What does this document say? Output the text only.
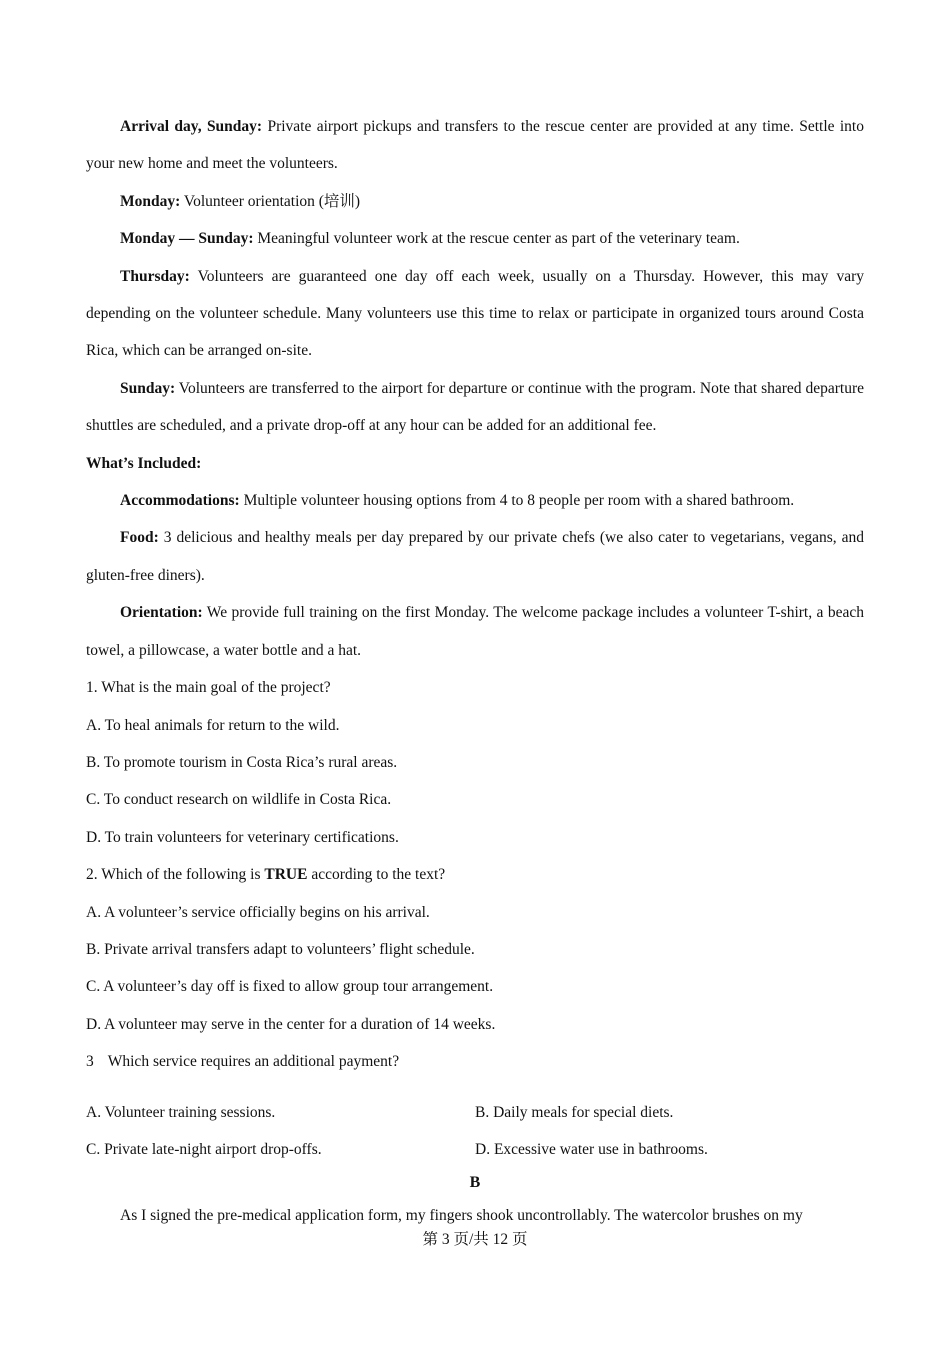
Arrival day, Sunday: Private airport pickups and transfers to the rescue center are provided at any time. Settle into your new home and meet the volunteers.

Monday: Volunteer orientation (培训)

Monday — Sunday: Meaningful volunteer work at the rescue center as part of the veterinary team.

Thursday: Volunteers are guaranteed one day off each week, usually on a Thursday. However, this may vary depending on the volunteer schedule. Many volunteers use this time to relax or participate in organized tours around Costa Rica, which can be arranged on-site.

Sunday: Volunteers are transferred to the airport for departure or continue with the program. Note that shared departure shuttles are scheduled, and a private drop-off at any hour can be added for an additional fee.

What’s Included:

Accommodations: Multiple volunteer housing options from 4 to 8 people per room with a shared bathroom.

Food: 3 delicious and healthy meals per day prepared by our private chefs (we also cater to vegetarians, vegans, and gluten-free diners).

Orientation: We provide full training on the first Monday. The welcome package includes a volunteer T-shirt, a beach towel, a pillowcase, a water bottle and a hat.

1. What is the main goal of the project?

A. To heal animals for return to the wild.

B. To promote tourism in Costa Rica’s rural areas.

C. To conduct research on wildlife in Costa Rica.

D. To train volunteers for veterinary certifications.

2. Which of the following is TRUE according to the text?

A. A volunteer’s service officially begins on his arrival.

B. Private arrival transfers adapt to volunteers’ flight schedule.

C. A volunteer’s day off is fixed to allow group tour arrangement.

D. A volunteer may serve in the center for a duration of 14 weeks.

3 Which service requires an additional payment?

A. Volunteer training sessions.	B. Daily meals for special diets.
C. Private late-night airport drop-offs.	D. Excessive water use in bathrooms.
B

As I signed the pre-medical application form, my fingers shook uncontrollably. The watercolor brushes on my

第 3 页/共 12 页
